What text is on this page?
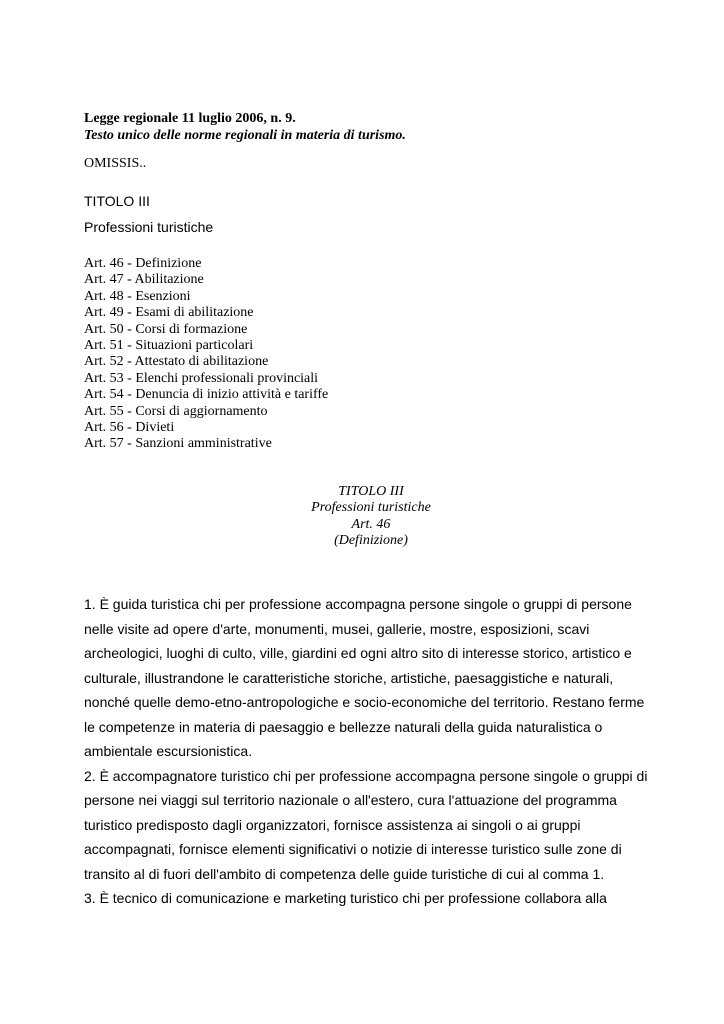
Legge regionale 11 luglio 2006, n. 9.
Testo unico delle norme regionali in materia di turismo.
OMISSIS..
TITOLO III
Professioni turistiche
Art. 46 - Definizione
Art. 47 - Abilitazione
Art. 48 - Esenzioni
Art. 49 - Esami di abilitazione
Art. 50 - Corsi di formazione
Art. 51 - Situazioni particolari
Art. 52 - Attestato di abilitazione
Art. 53 - Elenchi professionali provinciali
Art. 54 - Denuncia di inizio attività e tariffe
Art. 55 - Corsi di aggiornamento
Art. 56 - Divieti
Art. 57 - Sanzioni amministrative
TITOLO III
Professioni turistiche
Art. 46
(Definizione)
1. È guida turistica chi per professione accompagna persone singole o gruppi di persone
nelle visite ad opere d'arte, monumenti, musei, gallerie, mostre, esposizioni, scavi
archeologici, luoghi di culto, ville, giardini ed ogni altro sito di interesse storico, artistico e
culturale, illustrandone le caratteristiche storiche, artistiche, paesaggistiche e naturali,
nonché quelle demo-etno-antropologiche e socio-economiche del territorio. Restano ferme
le competenze in materia di paesaggio e bellezze naturali della guida naturalistica o
ambientale escursionistica.
2. È accompagnatore turistico chi per professione accompagna persone singole o gruppi di
persone nei viaggi sul territorio nazionale o all'estero, cura l'attuazione del programma
turistico predisposto dagli organizzatori, fornisce assistenza ai singoli o ai gruppi
accompagnati, fornisce elementi significativi o notizie di interesse turistico sulle zone di
transito al di fuori dell'ambito di competenza delle guide turistiche di cui al comma 1.
3. È tecnico di comunicazione e marketing turistico chi per professione collabora alla
